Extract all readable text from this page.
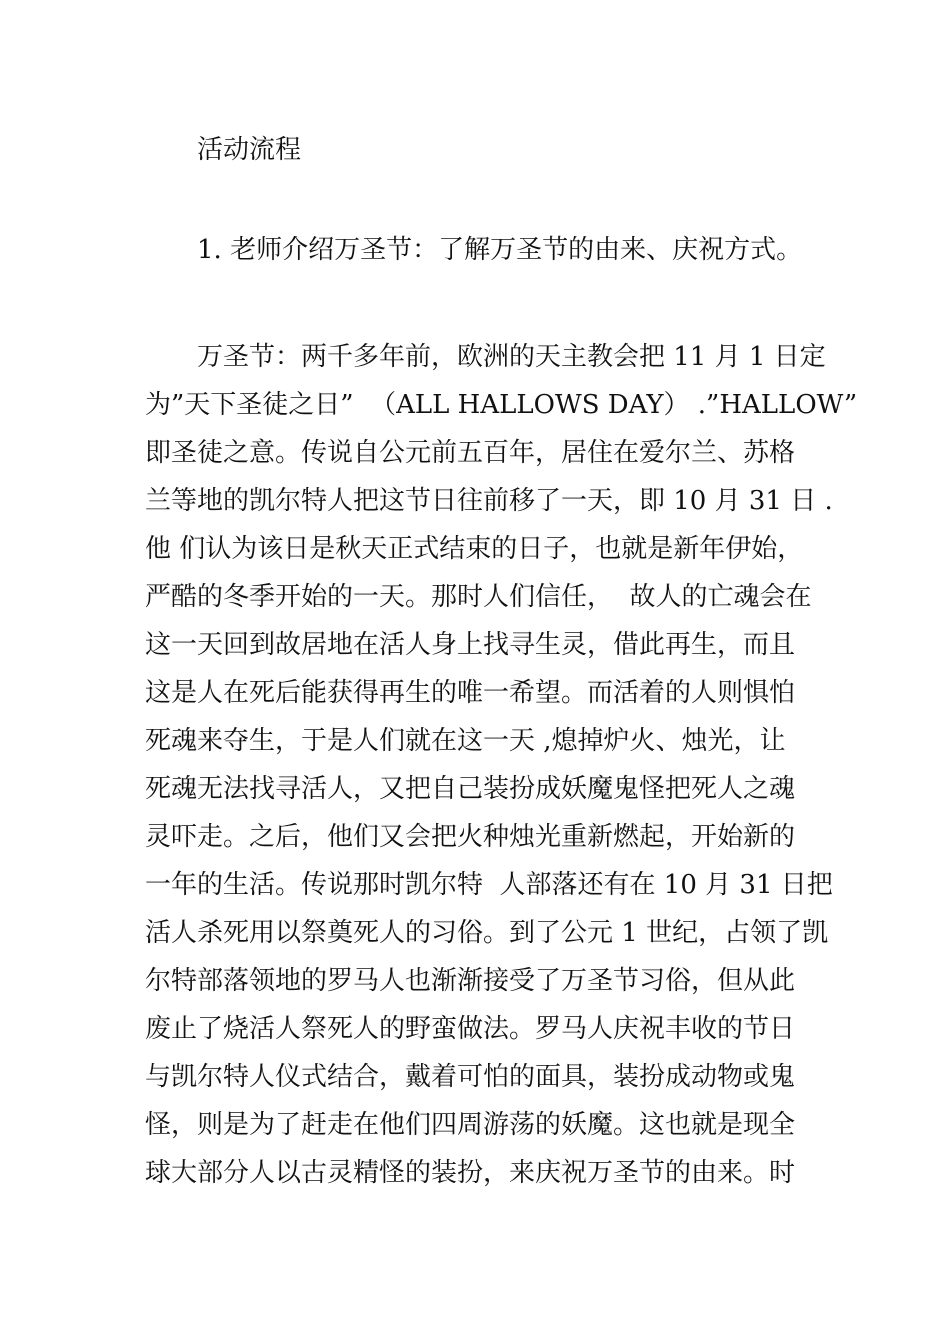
活动流程
1. 老师介绍万圣节：了解万圣节的由来、庆祝方式。
万圣节：两千多年前，欧洲的天主教会把 11 月 1 日定
为”天下圣徒之日”  （ALL HALLOWS DAY） .”HALLOW”
即圣徒之意。传说自公元前五百年，居住在爱尔兰、苏格
兰等地的凯尔特人把这节日往前移了一天，即 10 月 31 日 .
他 们认为该日是秋天正式结束的日子，也就是新年伊始，
严酷的冬季开始的一天。那时人们信任，  故人的亡魂会在
这一天回到故居地在活人身上找寻生灵，借此再生，而且
这是人在死后能获得再生的唯一希望。而活着的人则惧怕
死魂来夺生，于是人们就在这一天 ,熄掉炉火、烛光，让
死魂无法找寻活人，又把自己装扮成妖魔鬼怪把死人之魂
灵吓走。之后，他们又会把火种烛光重新燃起，开始新的
一年的生活。传说那时凯尔特  人部落还有在 10 月 31 日把
活人杀死用以祭奠死人的习俗。到了公元 1 世纪，占领了凯
尔特部落领地的罗马人也渐渐接受了万圣节习俗，但从此
废止了烧活人祭死人的野蛮做法。罗马人庆祝丰收的节日
与凯尔特人仪式结合，戴着可怕的面具，装扮成动物或鬼
怪，则是为了赶走在他们四周游荡的妖魔。这也就是现全
球大部分人以古灵精怪的装扮，来庆祝万圣节的由来。时
